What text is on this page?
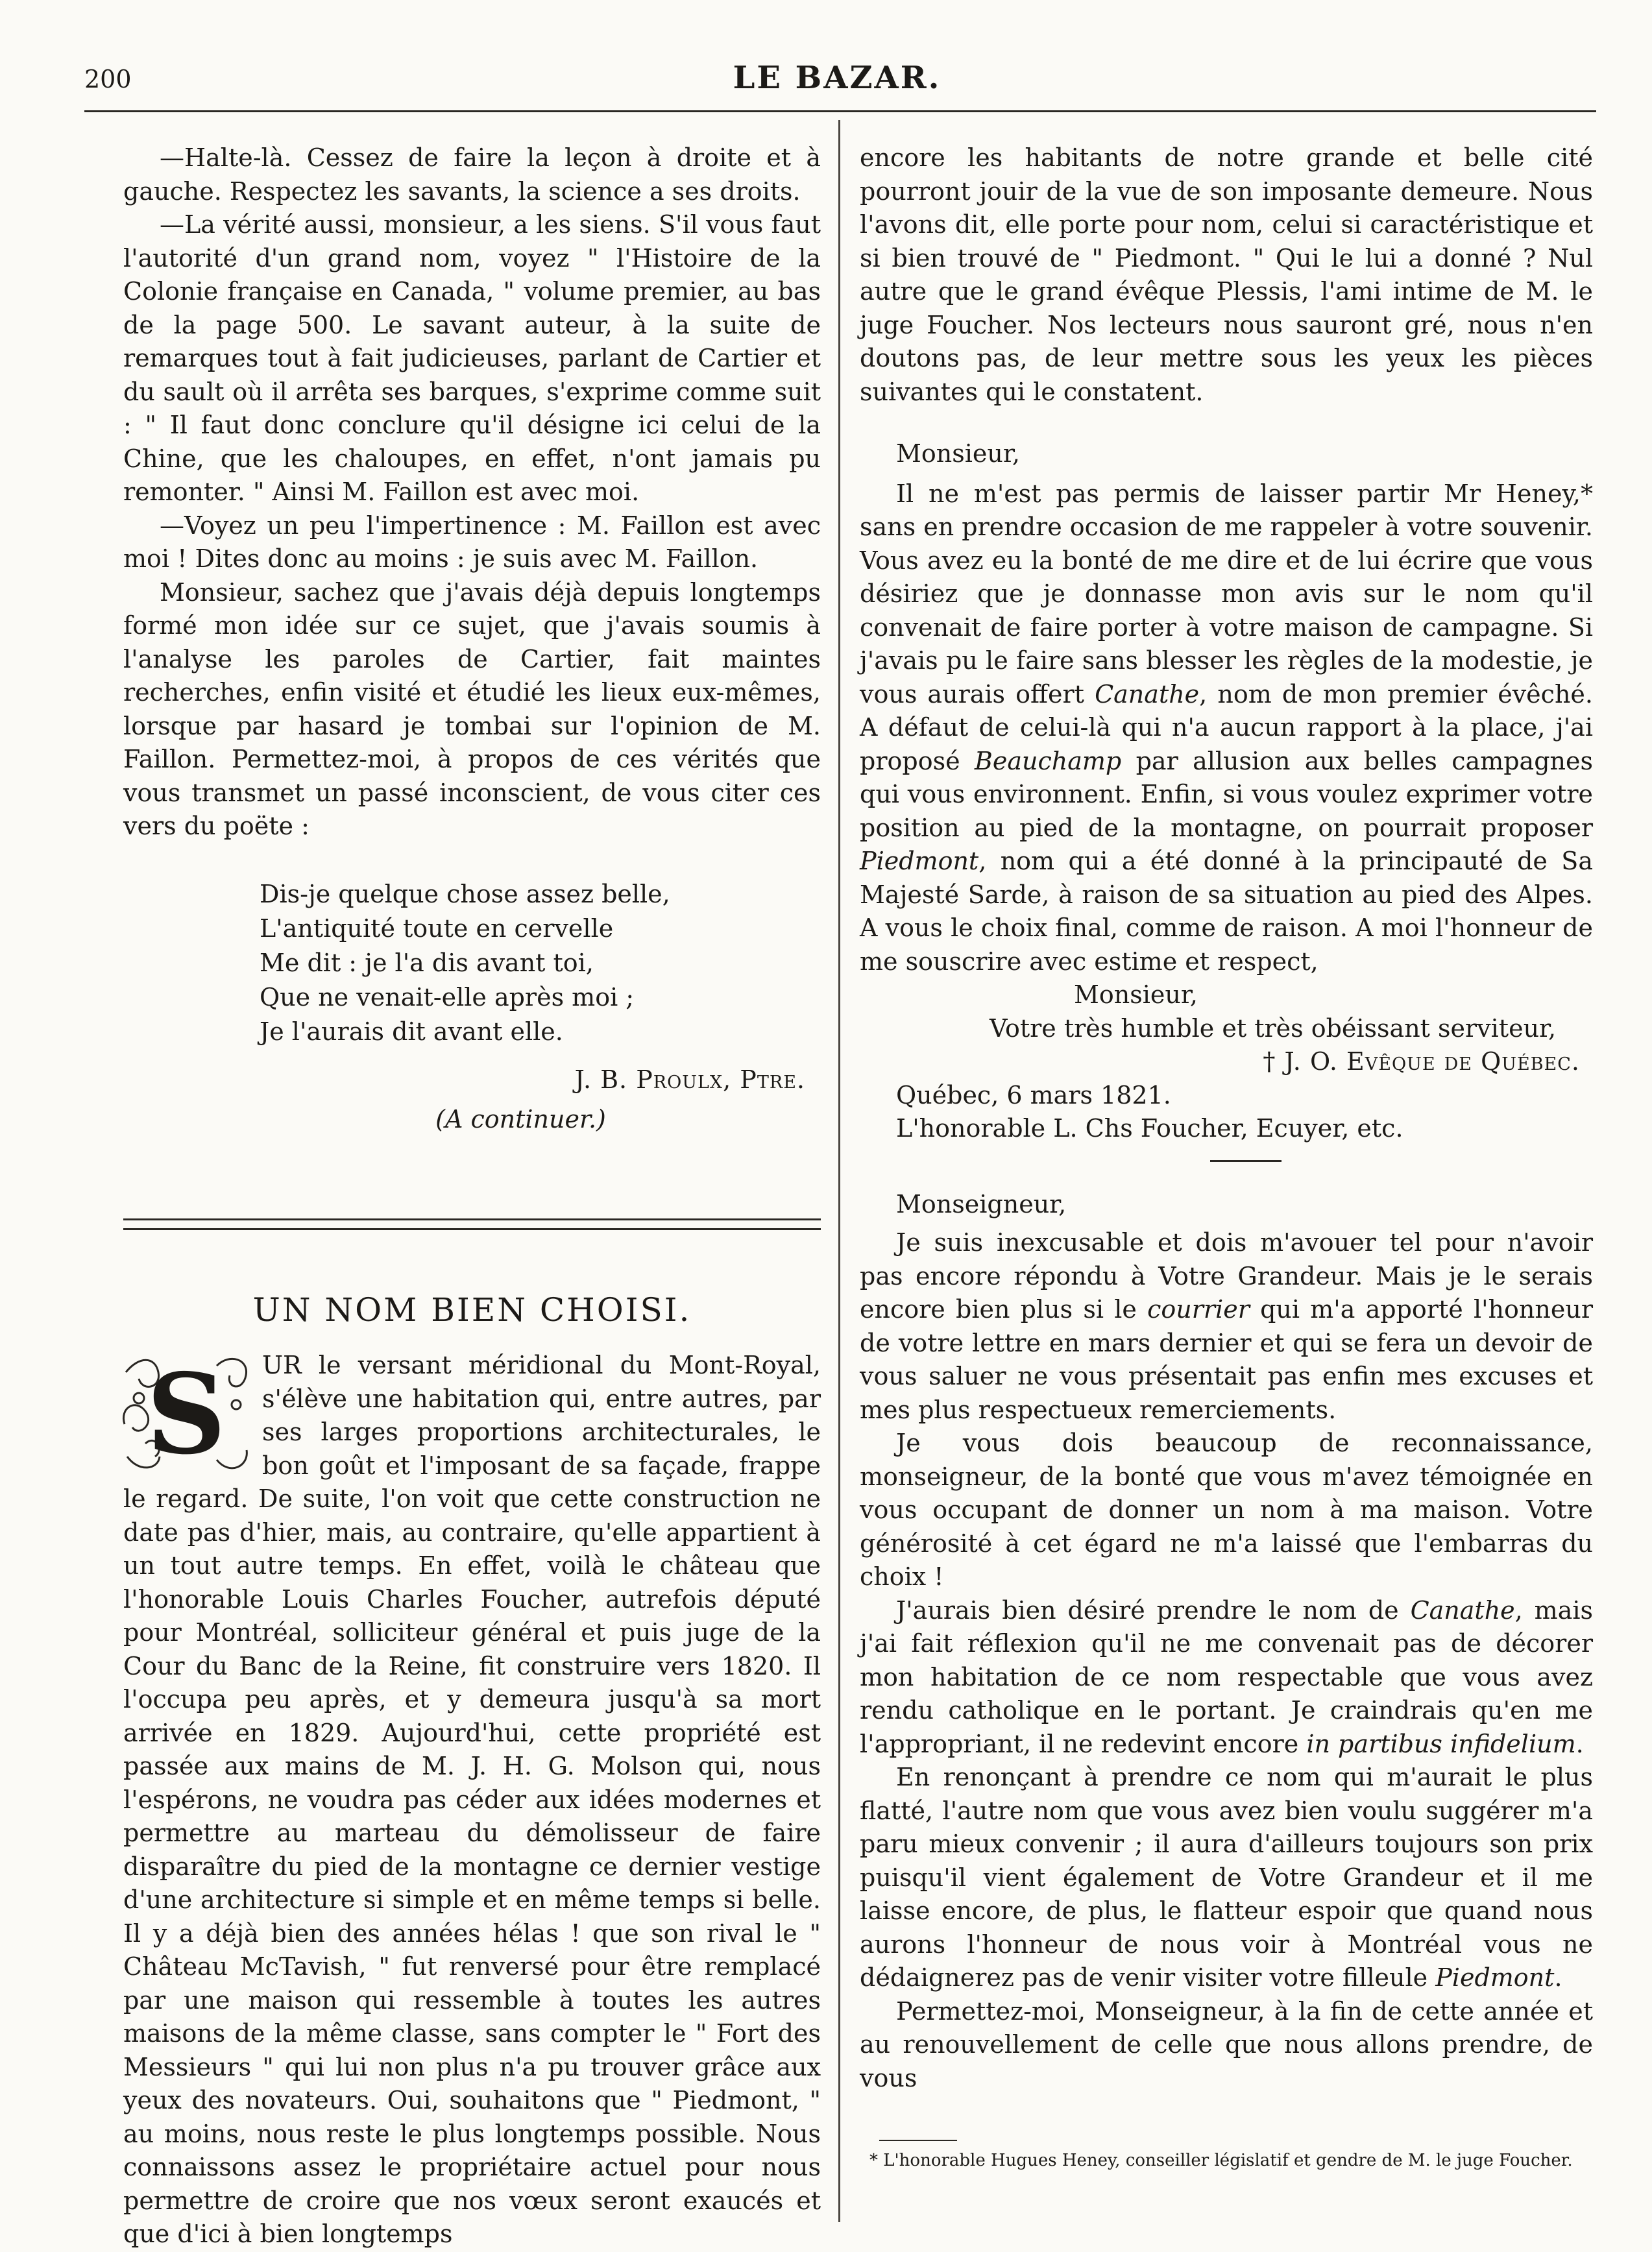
200	LE BAZAR.

—Halte-là. Cessez de faire la leçon à droite et à gauche. Respectez les savants, la science a ses droits.

—La vérité aussi, monsieur, a les siens. S'il vous faut l'autorité d'un grand nom, voyez " l'Histoire de la Colonie française en Canada, " volume premier, au bas de la page 500. Le savant auteur, à la suite de remarques tout à fait judicieuses, parlant de Cartier et du sault où il arrêta ses barques, s'exprime comme suit : " Il faut donc conclure qu'il désigne ici celui de la Chine, que les chaloupes, en effet, n'ont jamais pu remonter. " Ainsi M. Faillon est avec moi.

—Voyez un peu l'impertinence : M. Faillon est avec moi ! Dites donc au moins : je suis avec M. Faillon.

Monsieur, sachez que j'avais déjà depuis longtemps formé mon idée sur ce sujet, que j'avais soumis à l'analyse les paroles de Cartier, fait maintes recherches, enfin visité et étudié les lieux eux-mêmes, lorsque par hasard je tombai sur l'opinion de M. Faillon. Permettez-moi, à propos de ces vérités que vous transmet un passé inconscient, de vous citer ces vers du poëte :

Dis-je quelque chose assez belle,
L'antiquité toute en cervelle
Me dit : je l'a dis avant toi,
Que ne venait-elle après moi ;
Je l'aurais dit avant elle.
J. B. Proulx, Ptre.
(A continuer.)
UN NOM BIEN CHOISI.

S UR le versant méridional du Mont-Royal, s'élève une habitation qui, entre autres, par ses larges proportions architecturales, le bon goût et l'imposant de sa façade, frappe le regard. De suite, l'on voit que cette construction ne date pas d'hier, mais, au contraire, qu'elle appartient à un tout autre temps. En effet, voilà le château que l'honorable Louis Charles Foucher, autrefois député pour Montréal, solliciteur général et puis juge de la Cour du Banc de la Reine, fit construire vers 1820. Il l'occupa peu après, et y demeura jusqu'à sa mort arrivée en 1829. Aujourd'hui, cette propriété est passée aux mains de M. J. H. G. Molson qui, nous l'espérons, ne voudra pas céder aux idées modernes et permettre au marteau du démolisseur de faire disparaître du pied de la montagne ce dernier vestige d'une architecture si simple et en même temps si belle. Il y a déjà bien des années hélas ! que son rival le " Château McTavish, " fut renversé pour être remplacé par une maison qui ressemble à toutes les autres maisons de la même classe, sans compter le " Fort des Messieurs " qui lui non plus n'a pu trouver grâce aux yeux des novateurs. Oui, souhaitons que " Piedmont, " au moins, nous reste le plus longtemps possible. Nous connaissons assez le propriétaire actuel pour nous permettre de croire que nos vœux seront exaucés et que d'ici à bien longtemps

encore les habitants de notre grande et belle cité pourront jouir de la vue de son imposante demeure. Nous l'avons dit, elle porte pour nom, celui si caractéristique et si bien trouvé de " Piedmont. " Qui le lui a donné ? Nul autre que le grand évêque Plessis, l'ami intime de M. le juge Foucher. Nos lecteurs nous sauront gré, nous n'en doutons pas, de leur mettre sous les yeux les pièces suivantes qui le constatent.

Monsieur,

Il ne m'est pas permis de laisser partir Mr Heney,* sans en prendre occasion de me rappeler à votre souvenir. Vous avez eu la bonté de me dire et de lui écrire que vous désiriez que je donnasse mon avis sur le nom qu'il convenait de faire porter à votre maison de campagne. Si j'avais pu le faire sans blesser les règles de la modestie, je vous aurais offert Canathe, nom de mon premier évêché. A défaut de celui-là qui n'a aucun rapport à la place, j'ai proposé Beauchamp par allusion aux belles campagnes qui vous environnent. Enfin, si vous voulez exprimer votre position au pied de la montagne, on pourrait proposer Piedmont, nom qui a été donné à la principauté de Sa Majesté Sarde, à raison de sa situation au pied des Alpes. A vous le choix final, comme de raison. A moi l'honneur de me souscrire avec estime et respect,

Monsieur,
Votre très humble et très obéissant serviteur,
† J. O. Evêque de Québec.
Québec, 6 mars 1821.
L'honorable L. Chs Foucher, Ecuyer, etc.
Monseigneur,

Je suis inexcusable et dois m'avouer tel pour n'avoir pas encore répondu à Votre Grandeur. Mais je le serais encore bien plus si le courrier qui m'a apporté l'honneur de votre lettre en mars dernier et qui se fera un devoir de vous saluer ne vous présentait pas enfin mes excuses et mes plus respectueux remerciements.

Je vous dois beaucoup de reconnaissance, monseigneur, de la bonté que vous m'avez témoignée en vous occupant de donner un nom à ma maison. Votre générosité à cet égard ne m'a laissé que l'embarras du choix !

J'aurais bien désiré prendre le nom de Canathe, mais j'ai fait réflexion qu'il ne me convenait pas de décorer mon habitation de ce nom respectable que vous avez rendu catholique en le portant. Je craindrais qu'en me l'appropriant, il ne redevint encore in partibus infidelium.

En renonçant à prendre ce nom qui m'aurait le plus flatté, l'autre nom que vous avez bien voulu suggérer m'a paru mieux convenir ; il aura d'ailleurs toujours son prix puisqu'il vient également de Votre Grandeur et il me laisse encore, de plus, le flatteur espoir que quand nous aurons l'honneur de nous voir à Montréal vous ne dédaignerez pas de venir visiter votre filleule Piedmont.

Permettez-moi, Monseigneur, à la fin de cette année et au renouvellement de celle que nous allons prendre, de vous

* L'honorable Hugues Heney, conseiller législatif et gendre de M. le juge Foucher.
